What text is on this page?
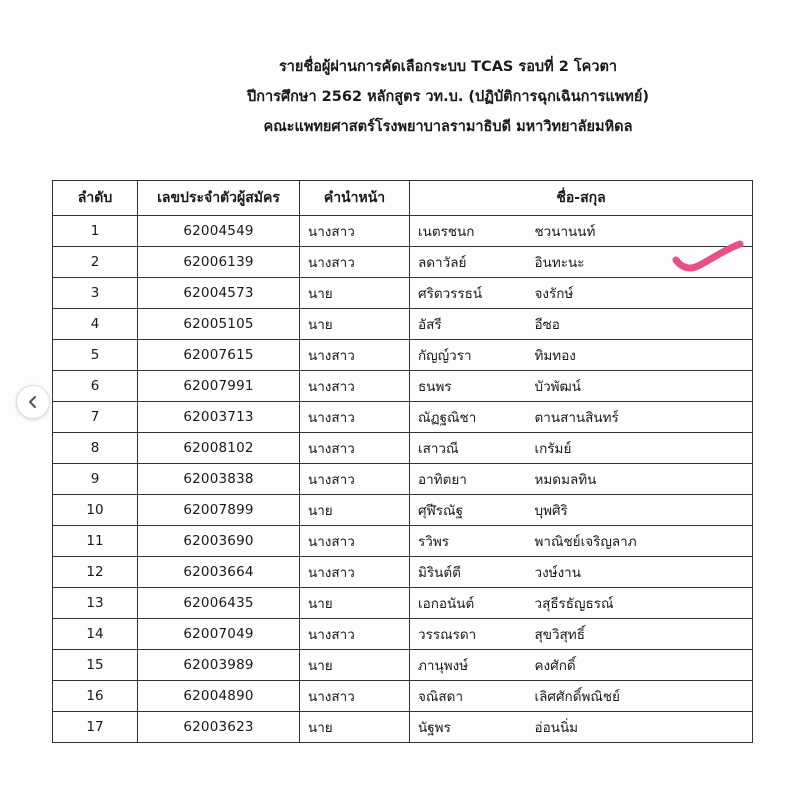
รายชื่อผู้ผ่านการคัดเลือกระบบ TCAS รอบที่ 2 โควตา
ปีการศึกษา 2562 หลักสูตร วท.บ. (ปฏิบัติการฉุกเฉินการแพทย์)
คณะแพทยศาสตร์โรงพยาบาลรามาธิบดี มหาวิทยาลัยมหิดล
ลำดับ	เลขประจำตัวผู้สมัคร	คำนำหน้า	ชื่อ-สกุล	
1	62004549	นางสาว	เนตรชนก	ชวนานนท์
2	62006139	นางสาว	ลดาวัลย์	อินทะนะ
3	62004573	นาย	ศริตวรรธน์	จงรักษ์
4	62005105	นาย	อัสรี	อีซอ
5	62007615	นางสาว	กัญญ์วรา	ทิมทอง
6	62007991	นางสาว	ธนพร	บัวพัฒน์
7	62003713	นางสาว	ณัฏฐณิชา	ตานสานสินทร์
8	62008102	นางสาว	เสาวณี	เกรัมย์
9	62003838	นางสาว	อาทิตยา	หมดมลทิน
10	62007899	นาย	ศุฬีรณัฐ	บุพศิริ
11	62003690	นางสาว	รวิพร	พาณิชย์เจริญลาภ
12	62003664	นางสาว	มิรินต์ตี	วงษ์งาน
13	62006435	นาย	เอกอนันต์	วสุธีรธัญธรณ์
14	62007049	นางสาว	วรรณรดา	สุขวิสุทธิ์
15	62003989	นาย	ภานุพงษ์	คงศักดิ์
16	62004890	นางสาว	จณิสดา	เลิศศักดิ์พณิชย์
17	62003623	นาย	นัฐพร	อ่อนนิ่ม
